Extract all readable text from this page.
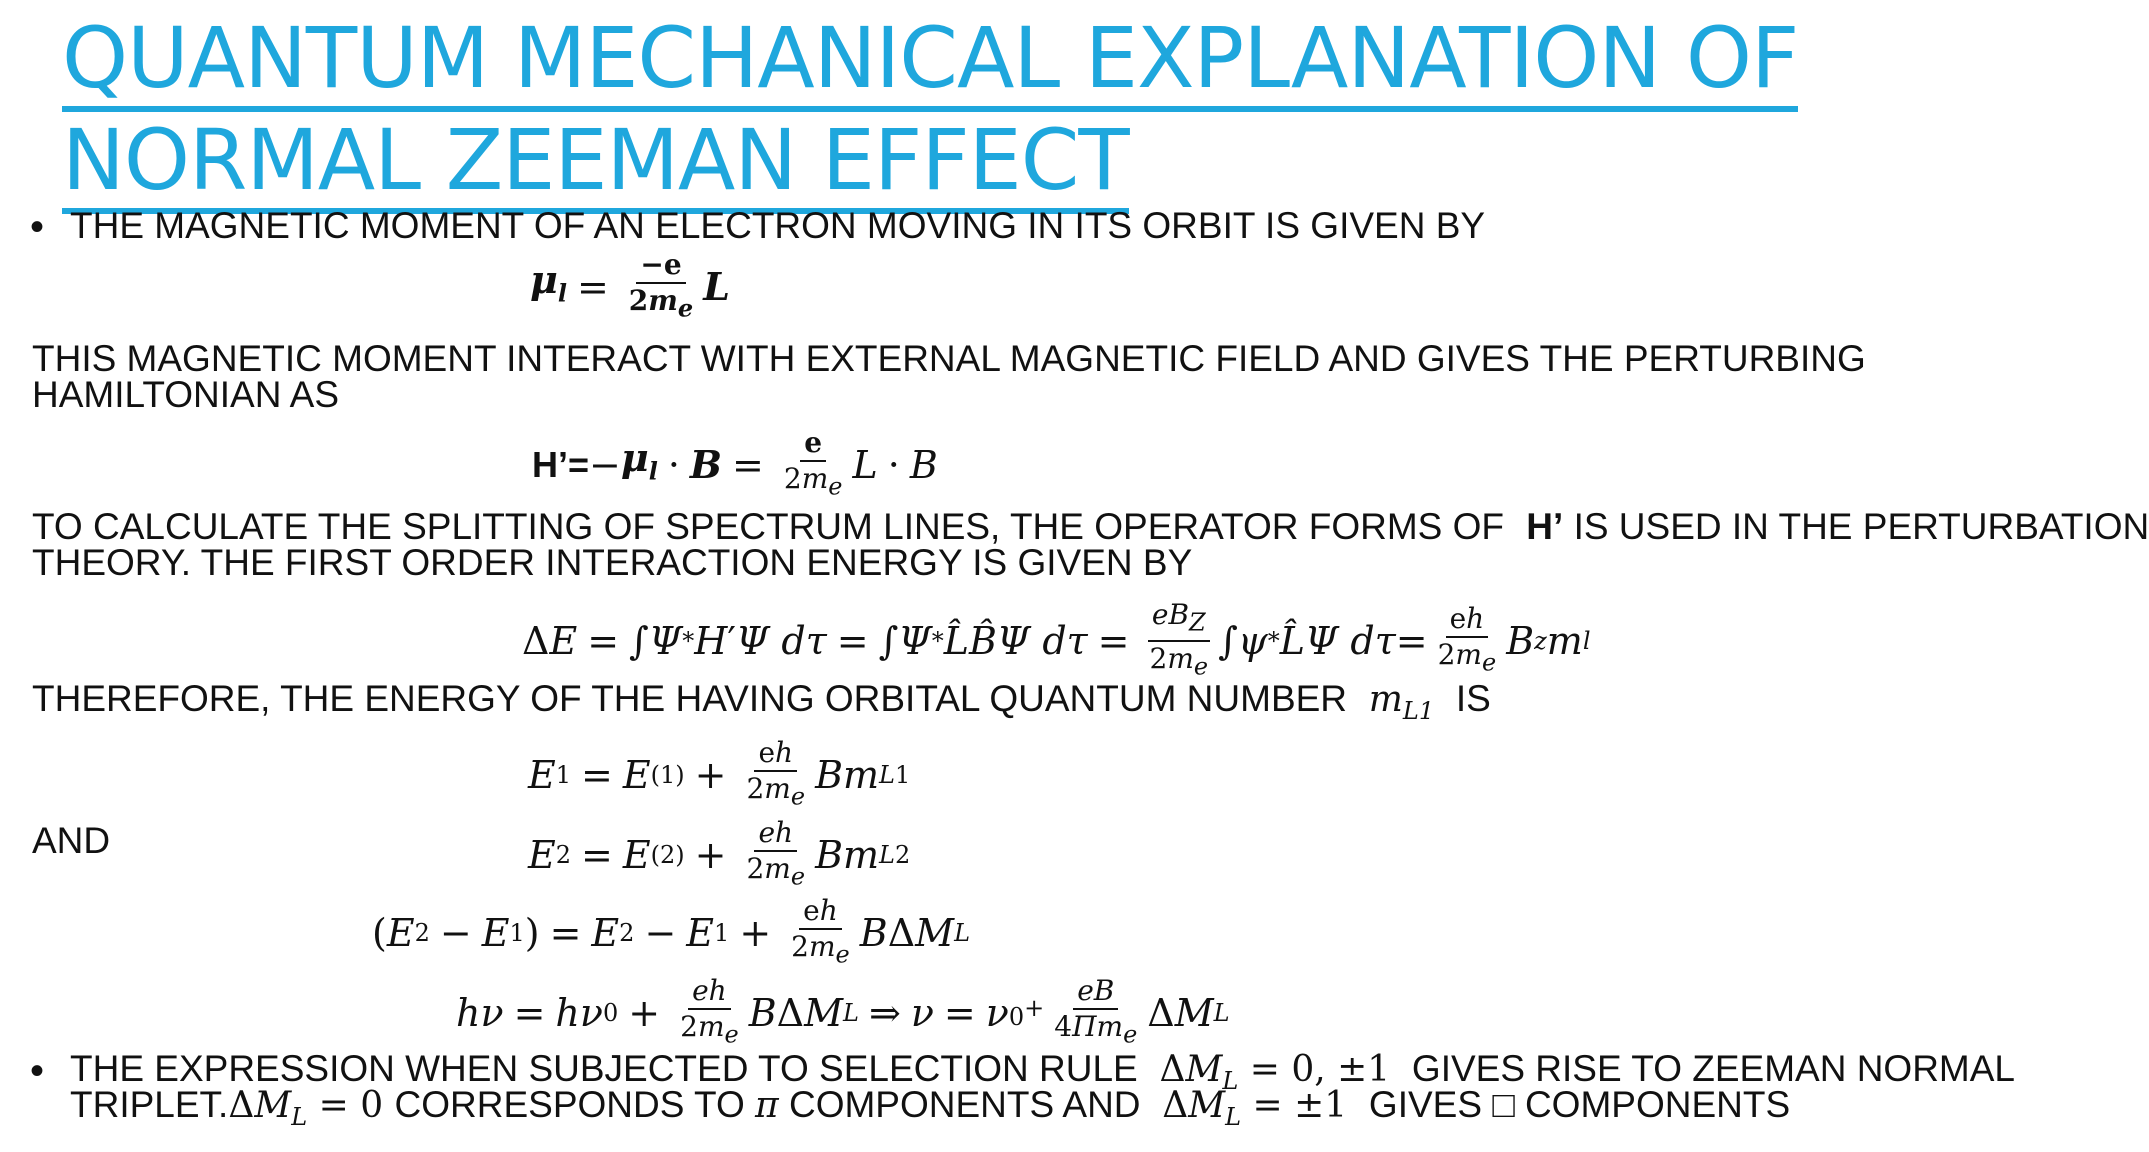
QUANTUM MECHANICAL EXPLANATION OF
NORMAL ZEEMAN EFFECT
• THE MAGNETIC MOMENT OF AN ELECTRON MOVING IN ITS ORBIT IS GIVEN BY
$\mu_l = \frac{-e}{2m_e}$ L
THIS MAGNETIC MOMENT INTERACT WITH EXTERNAL MAGNETIC FIELD AND GIVES THE PERTURBING
HAMILTONIAN AS
H’= − $\mu_l \cdot B = \frac{e}{2m_e}$ L · B
TO CALCULATE THE SPLITTING OF SPECTRUM LINES, THE OPERATOR FORMS OF H’ IS USED IN THE PERTURBATION
THEORY. THE FIRST ORDER INTERACTION ENERGY IS GIVEN BY
Δ E = ∫ Ψ * H ′ Ψ
dτ = ∫ Ψ * L̂B̂Ψ
$d\tau = \frac{eB_Z}{2m_e}$ ∫ ψ * L̂Ψ
$d\tau = \frac{eh}{2m_e}$ B z m l
THEREFORE, THE ENERGY OF THE HAVING ORBITAL QUANTUM NUMBER  $m_{L1}$ IS
E 1 = E $(1) + \frac{eh}{2m_e}$ Bm L1
AND	E 2 = E $(2) + \frac{eh}{2m_e}$ Bm L2
( E 2 − E 1 ) = E 2 − E $1 + \frac{eh}{2m_e}$ B Δ M L
hν = hν $0 + \frac{eh}{2m_e}$ B Δ M L ⇒ ν = ν $0^+ \frac{eB}{4\Pi m_e}$ Δ M L
• THE EXPRESSION WHEN SUBJECTED TO SELECTION RULE  $\Delta M_L = 0$, ±1  GIVES RISE TO ZEEMAN NORMAL
$TRIPLET.\Delta M_L = 0$ CORRESPONDS TO π COMPONENTS AND  $\Delta M_L = \pm 1$  GIVES □ COMPONENTS
